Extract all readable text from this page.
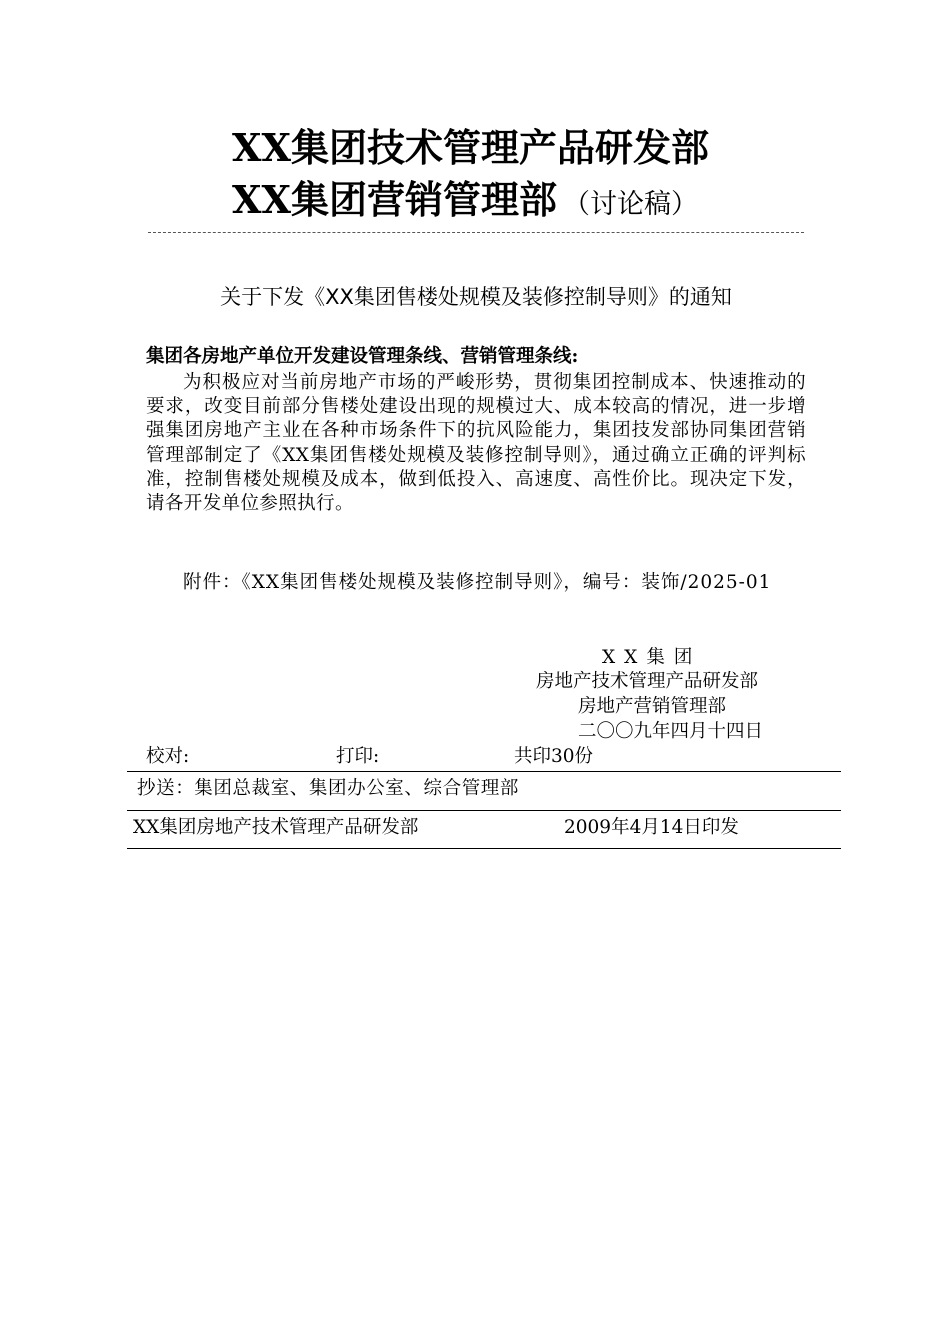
XX集团技术管理产品研发部
XX集团营销管理部 （讨论稿）
关于下发《XX集团售楼处规模及装修控制导则》的通知
集团各房地产单位开发建设管理条线、营销管理条线:
为积极应对当前房地产市场的严峻形势，贯彻集团控制成本、快速推动的要求，改变目前部分售楼处建设出现的规模过大、成本较高的情况，进一步增强集团房地产主业在各种市场条件下的抗风险能力，集团技发部协同集团营销管理部制定了《XX集团售楼处规模及装修控制导则》，通过确立正确的评判标准，控制售楼处规模及成本，做到低投入、高速度、高性价比。现决定下发，请各开发单位参照执行。
附件：《XX集团售楼处规模及装修控制导则》，编号：装饰/2025-01
XX集团
房地产技术管理产品研发部
房地产营销管理部
二〇〇九年四月十四日
校对:	打印:	共印30份
抄送：集团总裁室、集团办公室、综合管理部
XX集团房地产技术管理产品研发部	2009年4月14日印发
